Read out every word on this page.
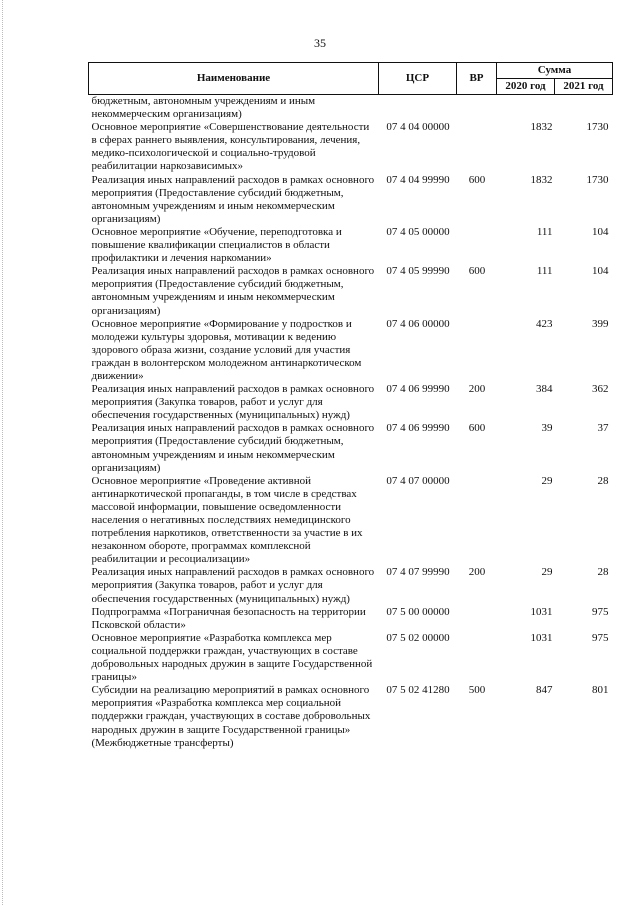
35
Наименование	ЦСР	ВР	Сумма	
			2020 год	2021 год
бюджетным, автономным учреждениям и иным некоммерческим организациям)				
Основное мероприятие «Совершенствование деятельности в сферах раннего выявления, консультирования, лечения, медико-психологической и социально-трудовой реабилитации наркозависимых»	07 4 04 00000		1832	1730
Реализация иных направлений расходов в рамках основного мероприятия (Предоставление субсидий бюджетным, автономным учреждениям и иным некоммерческим организациям)	07 4 04 99990	600	1832	1730
Основное мероприятие «Обучение, переподготовка и повышение квалификации специалистов в области профилактики и лечения наркомании»	07 4 05 00000		111	104
Реализация иных направлений расходов в рамках основного мероприятия (Предоставление субсидий бюджетным, автономным учреждениям и иным некоммерческим организациям)	07 4 05 99990	600	111	104
Основное мероприятие «Формирование у подростков и молодежи культуры здоровья, мотивации к ведению здорового образа жизни, создание условий для участия граждан в волонтерском молодежном антинаркотическом движении»	07 4 06 00000		423	399
Реализация иных направлений расходов в рамках основного мероприятия (Закупка товаров, работ и услуг для обеспечения государственных (муниципальных) нужд)	07 4 06 99990	200	384	362
Реализация иных направлений расходов в рамках основного мероприятия (Предоставление субсидий бюджетным, автономным учреждениям и иным некоммерческим организациям)	07 4 06 99990	600	39	37
Основное мероприятие «Проведение активной антинаркотической пропаганды, в том числе в средствах массовой информации, повышение осведомленности населения о негативных последствиях немедицинского потребления наркотиков, ответственности за участие в их незаконном обороте, программах комплексной реабилитации и ресоциализации»	07 4 07 00000		29	28
Реализация иных направлений расходов в рамках основного мероприятия (Закупка товаров, работ и услуг для обеспечения государственных (муниципальных) нужд)	07 4 07 99990	200	29	28
Подпрограмма «Пограничная безопасность на территории Псковской области»	07 5 00 00000		1031	975
Основное мероприятие «Разработка комплекса мер социальной поддержки граждан, участвующих в составе добровольных народных дружин в защите Государственной границы»	07 5 02 00000		1031	975
Субсидии на реализацию мероприятий в рамках основного мероприятия «Разработка комплекса мер социальной поддержки граждан, участвующих в составе добровольных народных дружин в защите Государственной границы» (Межбюджетные трансферты)	07 5 02 41280	500	847	801
